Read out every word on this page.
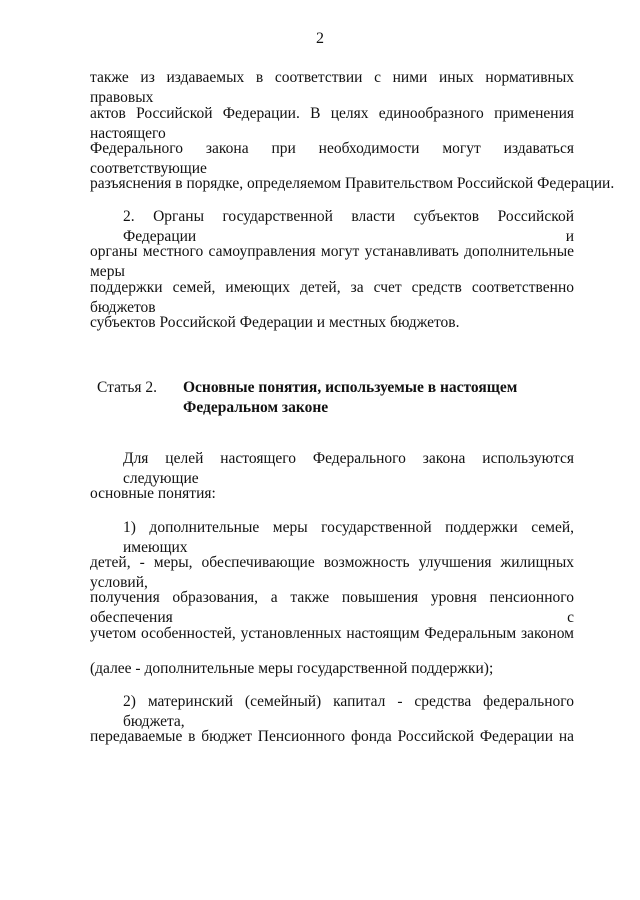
2
также из издаваемых в соответствии с ними иных нормативных правовых
актов Российской Федерации. В целях единообразного применения настоящего
Федерального закона при необходимости могут издаваться соответствующие
разъяснения в порядке, определяемом Правительством Российской Федерации.
2. Органы государственной власти субъектов Российской Федерации и
органы местного самоуправления могут устанавливать дополнительные меры
поддержки семей, имеющих детей, за счет средств соответственно бюджетов
субъектов Российской Федерации и местных бюджетов.
Статья 2. Основные понятия, используемые в настоящем
Федеральном законе
Для целей настоящего Федерального закона используются следующие
основные понятия:
1) дополнительные меры государственной поддержки семей, имеющих
детей, - меры, обеспечивающие возможность улучшения жилищных условий,
получения образования, а также повышения уровня пенсионного обеспечения с
учетом особенностей, установленных настоящим Федеральным законом
(далее - дополнительные меры государственной поддержки);
2) материнский (семейный) капитал - средства федерального бюджета,
передаваемые в бюджет Пенсионного фонда Российской Федерации на
